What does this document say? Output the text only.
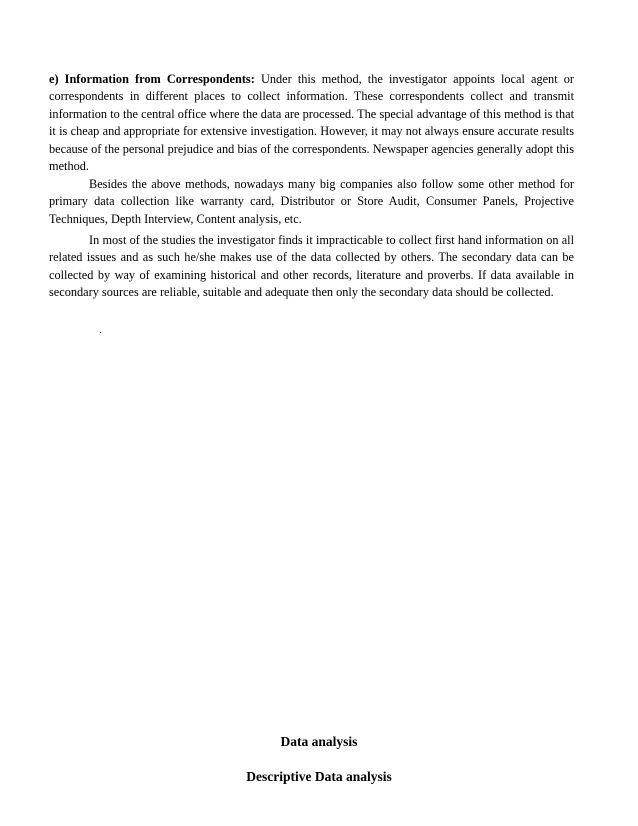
e) Information from Correspondents: Under this method, the investigator appoints local agent or correspondents in different places to collect information. These correspondents collect and transmit information to the central office where the data are processed. The special advantage of this method is that it is cheap and appropriate for extensive investigation. However, it may not always ensure accurate results because of the personal prejudice and bias of the correspondents. Newspaper agencies generally adopt this method.

Besides the above methods, nowadays many big companies also follow some other method for primary data collection like warranty card, Distributor or Store Audit, Consumer Panels, Projective Techniques, Depth Interview, Content analysis, etc.

In most of the studies the investigator finds it impracticable to collect first hand information on all related issues and as such he/she makes use of the data collected by others. The secondary data can be collected by way of examining historical and other records, literature and proverbs. If data available in secondary sources are reliable, suitable and adequate then only the secondary data should be collected.

.
Data analysis
Descriptive Data analysis
